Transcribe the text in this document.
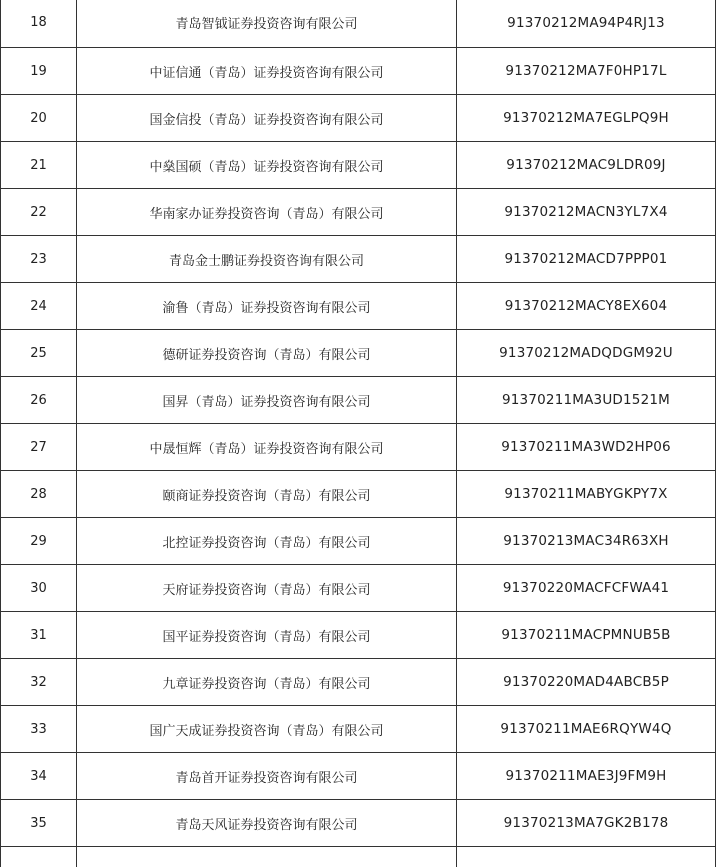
18	青岛智钺证券投资咨询有限公司	91370212MA94P4RJ13
19	中证信通（青岛）证券投资咨询有限公司	91370212MA7F0HP17L
20	国金信投（青岛）证券投资咨询有限公司	91370212MA7EGLPQ9H
21	中燊国硕（青岛）证券投资咨询有限公司	91370212MAC9LDR09J
22	华南家办证券投资咨询（青岛）有限公司	91370212MACN3YL7X4
23	青岛金士鹏证券投资咨询有限公司	91370212MACD7PPP01
24	渝鲁（青岛）证券投资咨询有限公司	91370212MACY8EX604
25	德研证券投资咨询（青岛）有限公司	91370212MADQDGM92U
26	国昇（青岛）证券投资咨询有限公司	91370211MA3UD1521M
27	中晟恒辉（青岛）证券投资咨询有限公司	91370211MA3WD2HP06
28	颐商证券投资咨询（青岛）有限公司	91370211MABYGKPY7X
29	北控证券投资咨询（青岛）有限公司	91370213MAC34R63XH
30	天府证券投资咨询（青岛）有限公司	91370220MACFCFWA41
31	国平证券投资咨询（青岛）有限公司	91370211MACPMNUB5B
32	九章证券投资咨询（青岛）有限公司	91370220MAD4ABCB5P
33	国广天成证券投资咨询（青岛）有限公司	91370211MAE6RQYW4Q
34	青岛首开证券投资咨询有限公司	91370211MAE3J9FM9H
35	青岛天风证券投资咨询有限公司	91370213MA7GK2B178
